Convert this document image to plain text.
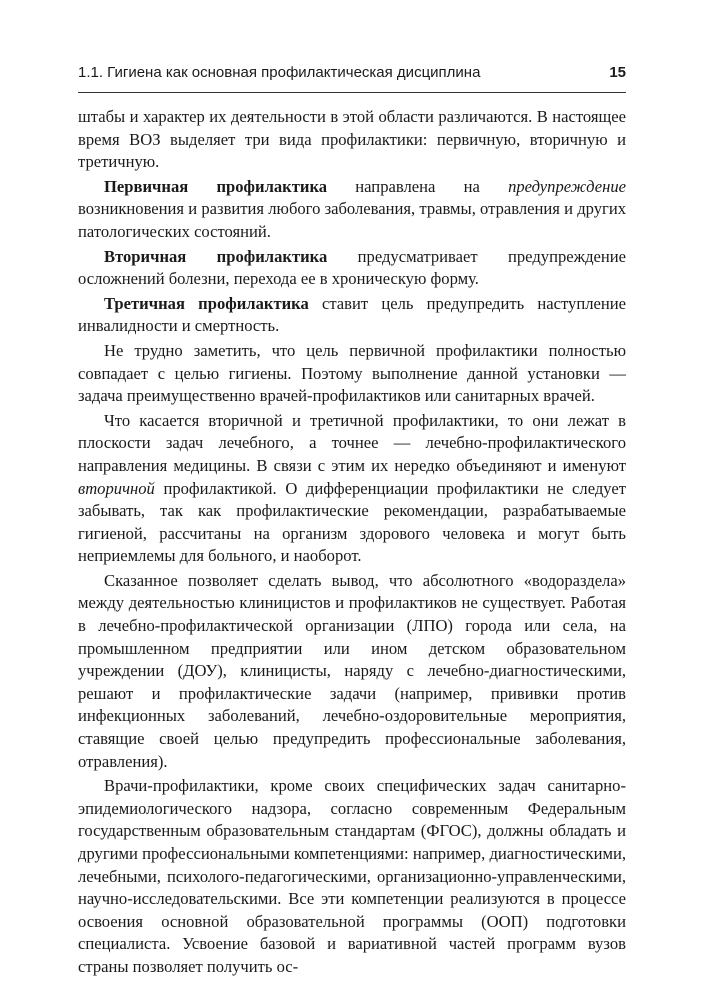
1.1. Гигиена как основная профилактическая дисциплина	15

штабы и характер их деятельности в этой области различаются. В настоящее время ВОЗ выделяет три вида профилактики: первичную, вторичную и третичную.

Первичная профилактика направлена на предупреждение возникновения и развития любого заболевания, травмы, отравления и других патологических состояний.

Вторичная профилактика предусматривает предупреждение осложнений болезни, перехода ее в хроническую форму.

Третичная профилактика ставит цель предупредить наступление инвалидности и смертность.

Не трудно заметить, что цель первичной профилактики полностью совпадает с целью гигиены. Поэтому выполнение данной установки — задача преимущественно врачей-профилактиков или санитарных врачей.

Что касается вторичной и третичной профилактики, то они лежат в плоскости задач лечебного, а точнее — лечебно-профилактического направления медицины. В связи с этим их нередко объединяют и именуют вторичной профилактикой. О дифференциации профилактики не следует забывать, так как профилактические рекомендации, разрабатываемые гигиеной, рассчитаны на организм здорового человека и могут быть неприемлемы для больного, и наоборот.

Сказанное позволяет сделать вывод, что абсолютного «водораздела» между деятельностью клиницистов и профилактиков не существует. Работая в лечебно-профилактической организации (ЛПО) города или села, на промышленном предприятии или ином детском образовательном учреждении (ДОУ), клиницисты, наряду с лечебно-диагностическими, решают и профилактические задачи (например, прививки против инфекционных заболеваний, лечебно-оздоровительные мероприятия, ставящие своей целью предупредить профессиональные заболевания, отравления).

Врачи-профилактики, кроме своих специфических задач санитарно-эпидемиологического надзора, согласно современным Федеральным государственным образовательным стандартам (ФГОС), должны обладать и другими профессиональными компетенциями: например, диагностическими, лечебными, психолого-педагогическими, организационно-управленческими, научно-исследовательскими. Все эти компетенции реализуются в процессе освоения основной образовательной программы (ООП) подготовки специалиста. Усвоение базовой и вариативной частей программ вузов страны позволяет получить ос-
